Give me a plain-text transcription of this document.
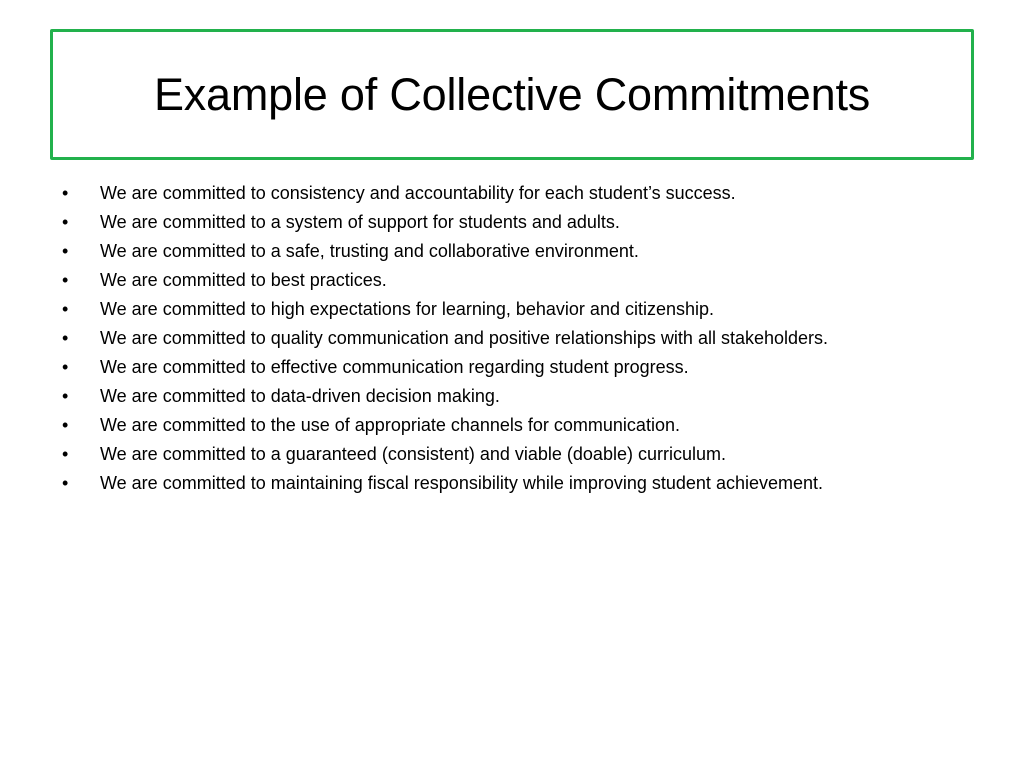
Example of Collective Commitments
•	We are committed to consistency and accountability for each student’s success.
•	We are committed to a system of support for students and adults.
•	We are committed to a safe, trusting and collaborative environment.
•	We are committed to best practices.
•	We are committed to high expectations for learning, behavior and citizenship.
•	We are committed to quality communication and positive relationships with all stakeholders.
•	We are committed to effective communication regarding student progress.
•	We are committed to data-driven decision making.
•	We are committed to the use of appropriate channels for communication.
•	We are committed to a guaranteed (consistent) and viable (doable) curriculum.
•	We are committed to maintaining fiscal responsibility while improving student achievement.
